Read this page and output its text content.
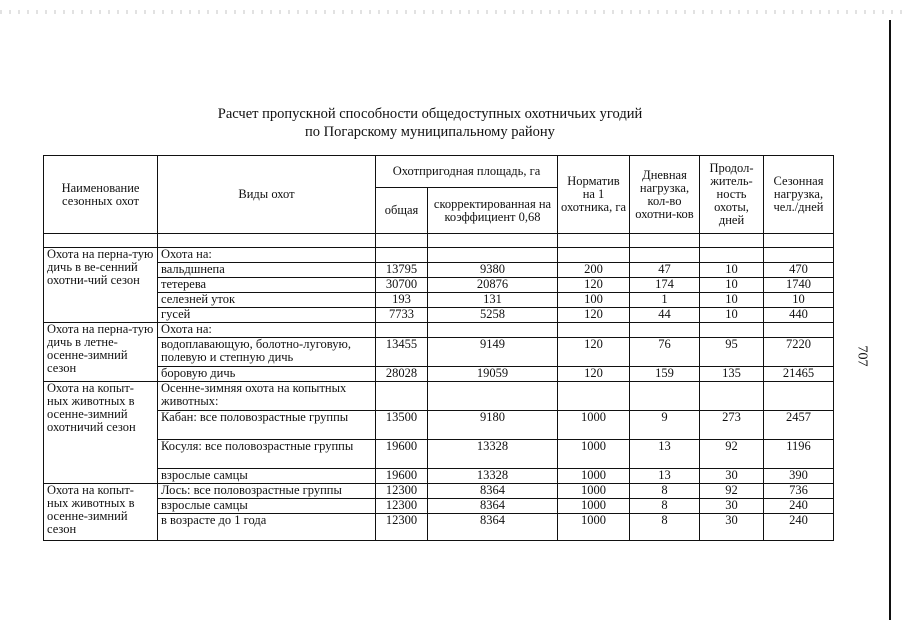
707
Расчет пропускной способности общедоступных охотничьих угодий
по Погарскому муниципальному району
Наименование сезонных охот	Виды охот	Охотпригодная площадь, га		Норматив на 1 охотника, га	Дневная нагрузка, кол-во охотни-ков	Продол-житель-ность охоты, дней	Сезонная нагрузка, чел./дней
		общая	скорректированная на коэффициент 0,68				

Охота на перна-тую дичь в ве-сенний охотни-чий сезон	Охота на:						
	вальдшнепа	13795	9380	200	47	10	470
	тетерева	30700	20876	120	174	10	1740
	селезней уток	193	131	100	1	10	10
	гусей	7733	5258	120	44	10	440
Охота на перна-тую дичь в летне- осенне-зимний сезон	Охота на:						
	водоплавающую, болотно-луговую, полевую и степную дичь	13455	9149	120	76	95	7220
	боровую дичь	28028	19059	120	159	135	21465
Охота на копыт-ных животных в осенне-зимний охотничий сезон	Осенне-зимняя охота на копытных животных:						
	Кабан: все половозрастные группы	13500	9180	1000	9	273	2457
	Косуля: все половозрастные группы	19600	13328	1000	13	92	1196
	взрослые самцы	19600	13328	1000	13	30	390
Охота на копыт-ных животных в осенне-зимний сезон	Лось: все половозрастные группы	12300	8364	1000	8	92	736
	взрослые самцы	12300	8364	1000	8	30	240
	в возрасте до 1 года	12300	8364	1000	8	30	240
